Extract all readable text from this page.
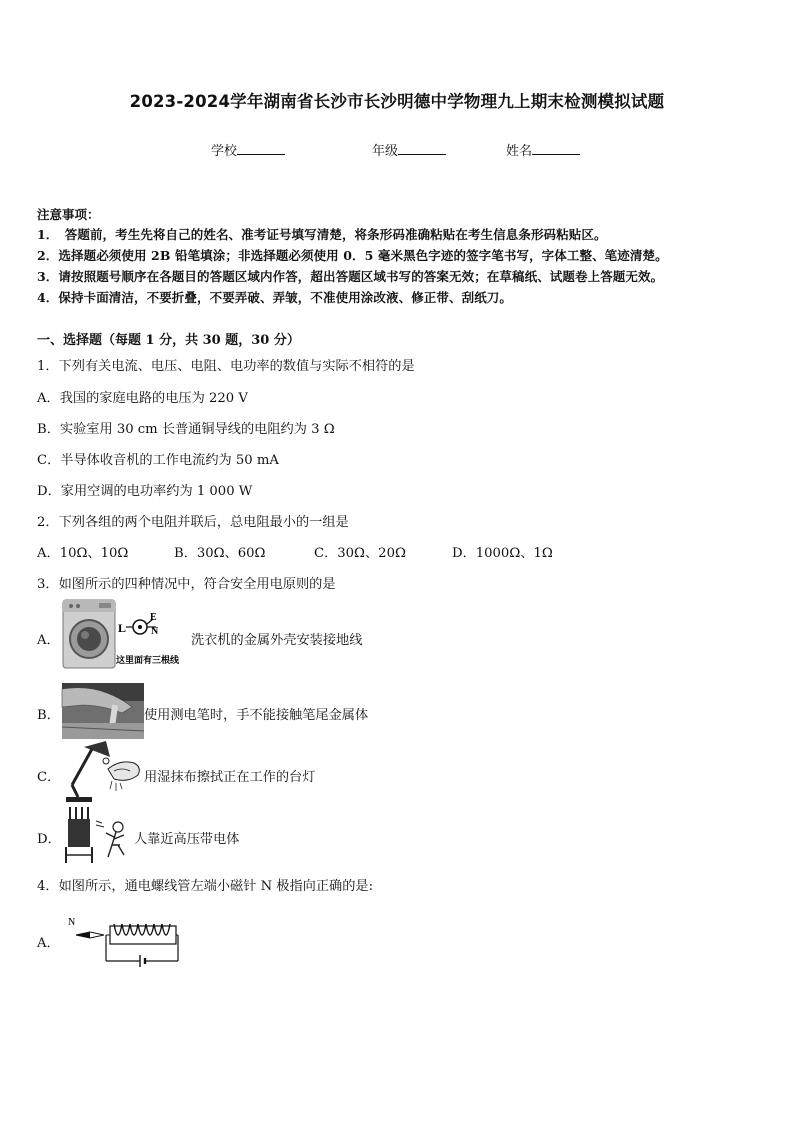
2023-2024学年湖南省长沙市长沙明德中学物理九上期末检测模拟试题
学校	年级	姓名
注意事项：
1．　答题前，考生先将自己的姓名、准考证号填写清楚，将条形码准确粘贴在考生信息条形码粘贴区。
2．选择题必须使用 2B 铅笔填涂；非选择题必须使用 0．5 毫米黑色字迹的签字笔书写，字体工整、笔迹清楚。
3．请按照题号顺序在各题目的答题区域内作答，超出答题区域书写的答案无效；在草稿纸、试题卷上答题无效。
4．保持卡面清洁，不要折叠，不要弄破、弄皱，不准使用涂改液、修正带、刮纸刀。
一、选择题（每题 1 分，共 30 题，30 分）
1．下列有关电流、电压、电阻、电功率的数值与实际不相符的是
A．我国的家庭电路的电压为 220 V
B．实验室用 30 cm 长普通铜导线的电阻约为 3 Ω
C．半导体收音机的工作电流约为 50 mA
D．家用空调的电功率约为 1 000 W
2．下列各组的两个电阻并联后，总电阻最小的一组是
A．10Ω、10Ω	B．30Ω、60Ω	C．30Ω、20Ω	D．1000Ω、1Ω
3．如图所示的四种情况中，符合安全用电原则的是
A．
L
E
N
这里面有三根线
洗衣机的金属外壳安装接地线
B．	使用测电笔时，手不能接触笔尾金属体
C．	用湿抹布擦拭正在工作的台灯
D．	人靠近高压带电体
4．如图所示，通电螺线管左端小磁针 N 极指向正确的是:
A．
N
